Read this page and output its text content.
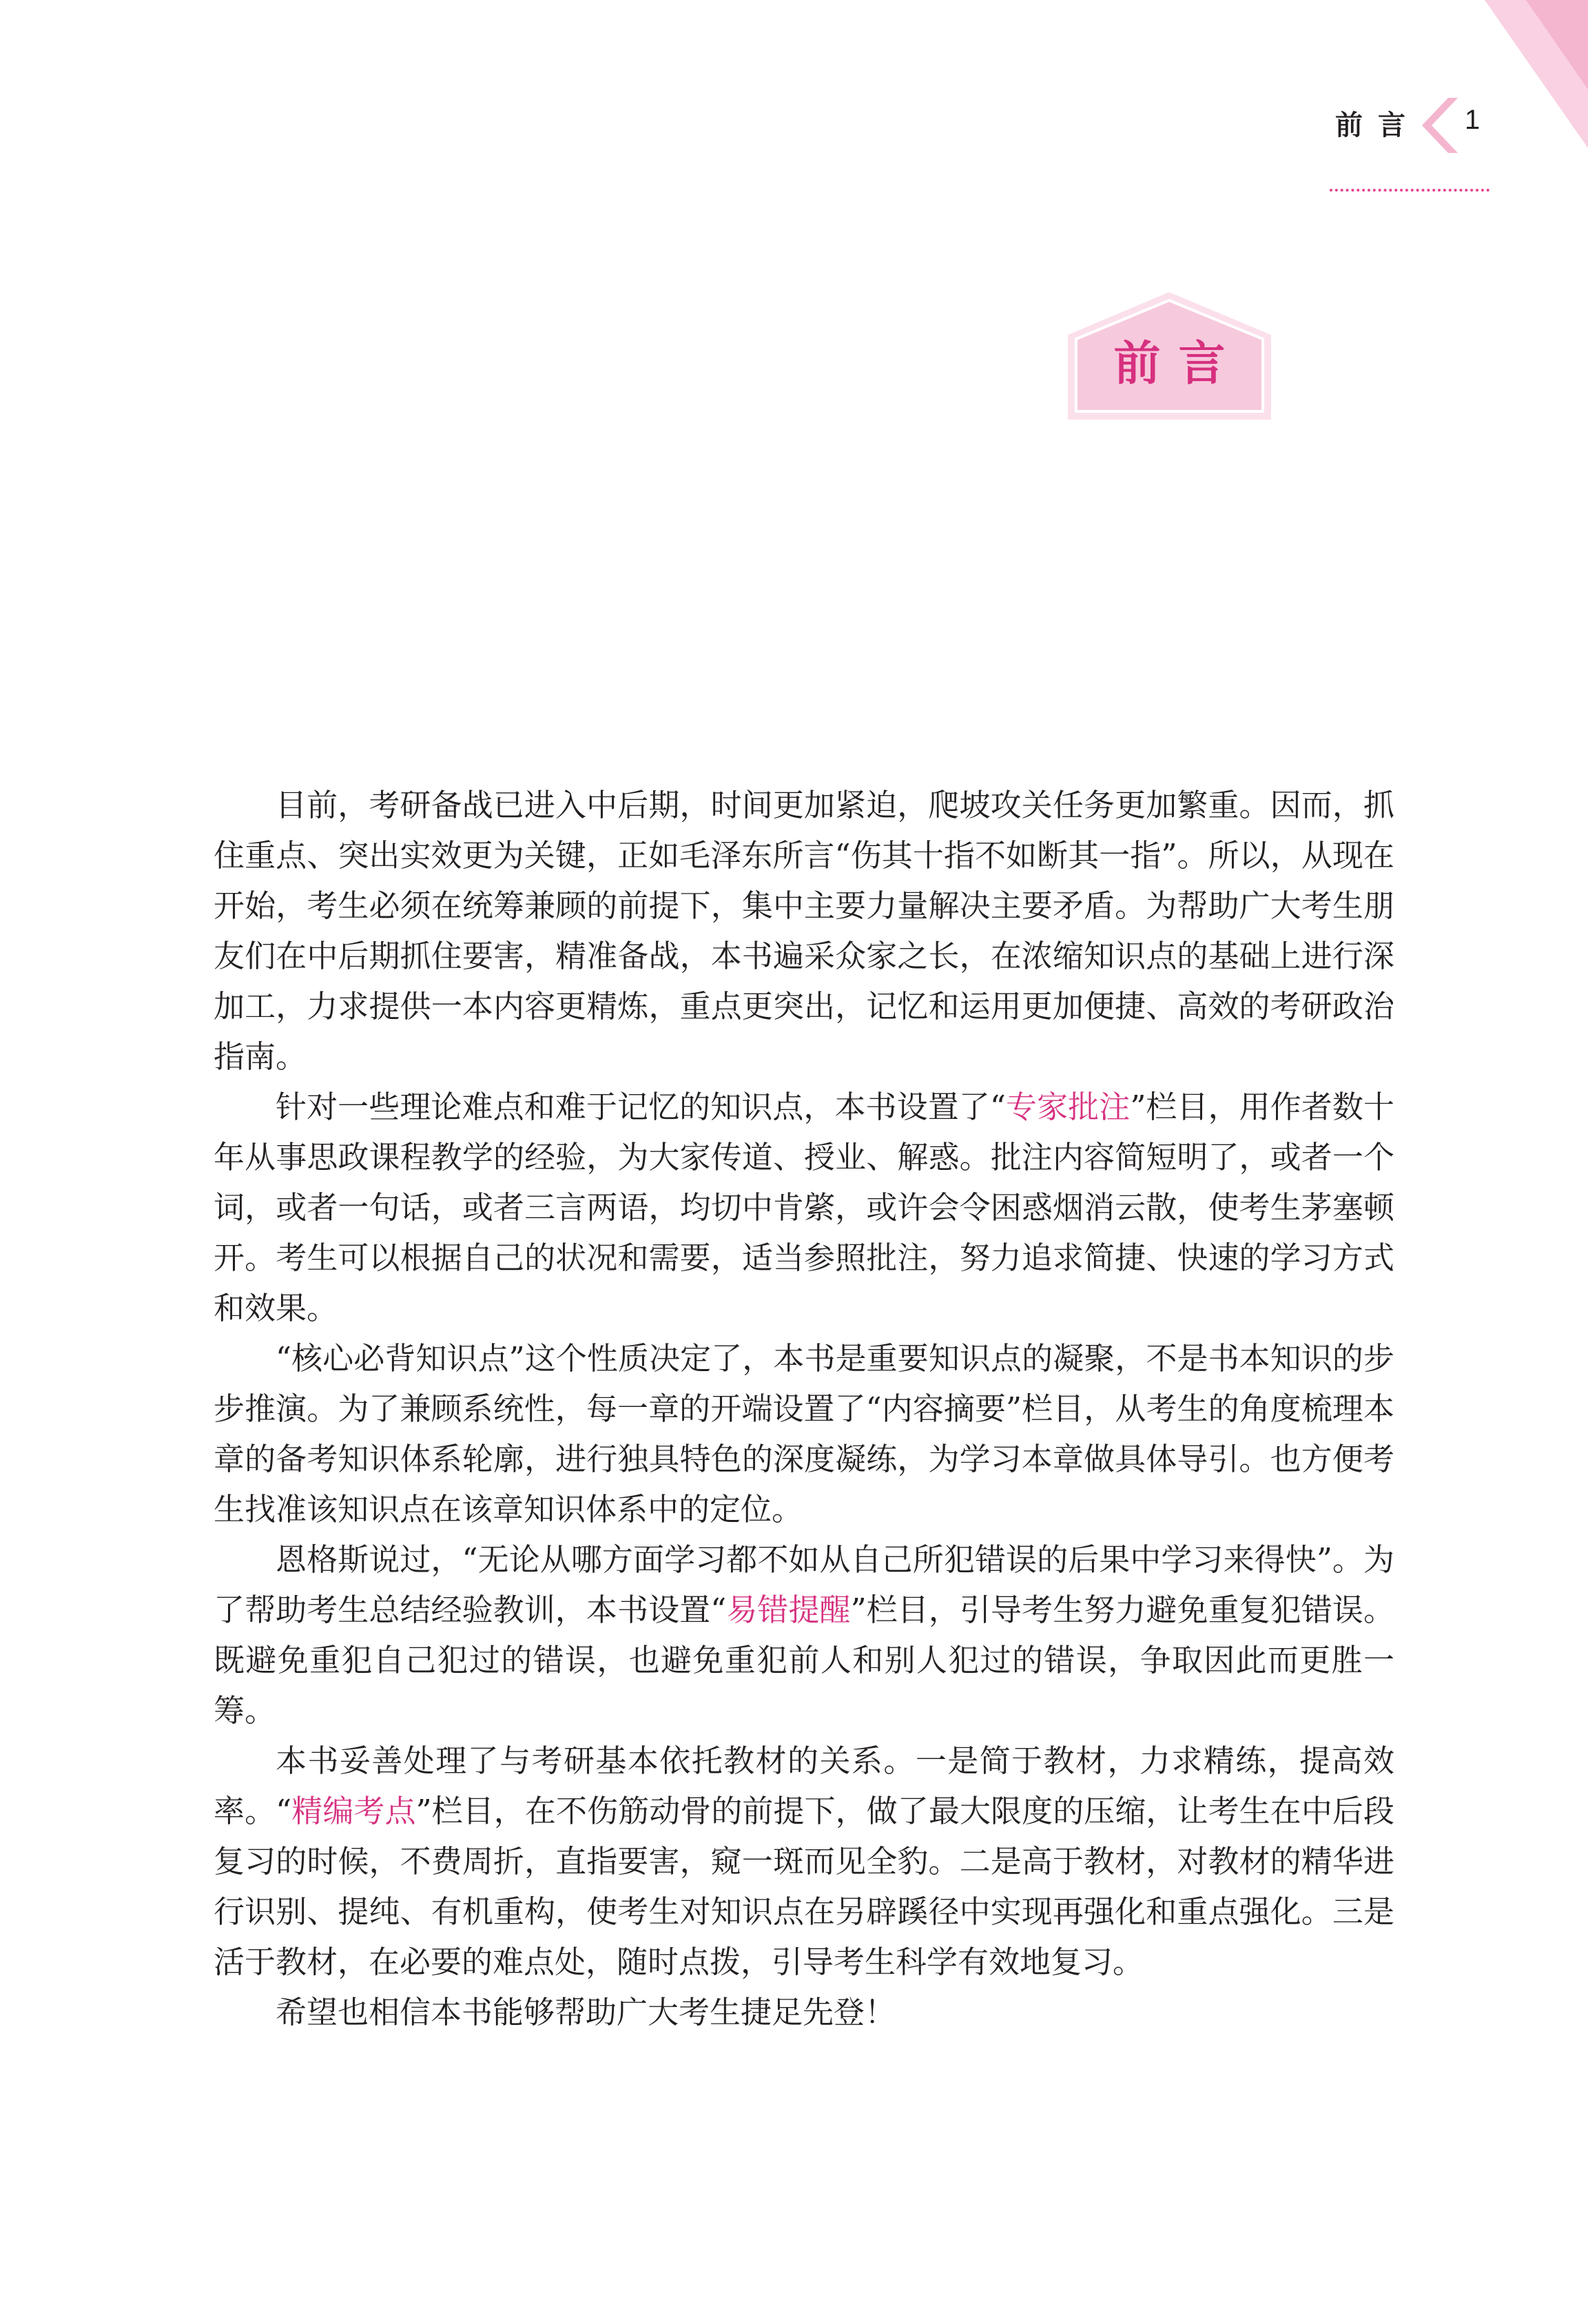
前言 1
前言

目前，考研备战已进入中后期，时间更加紧迫，爬坡攻关任务更加繁重。因而，抓住重点、突出实效更为关键，正如毛泽东所言“伤其十指不如断其一指”。所以，从现在开始，考生必须在统筹兼顾的前提下，集中主要力量解决主要矛盾。为帮助广大考生朋友们在中后期抓住要害，精准备战，本书遍采众家之长，在浓缩知识点的基础上进行深加工，力求提供一本内容更精炼，重点更突出，记忆和运用更加便捷、高效的考研政治指南。

针对一些理论难点和难于记忆的知识点，本书设置了“专家批注”栏目，用作者数十年从事思政课程教学的经验，为大家传道、授业、解惑。批注内容简短明了，或者一个词，或者一句话，或者三言两语，均切中肯綮，或许会令困惑烟消云散，使考生茅塞顿开。考生可以根据自己的状况和需要，适当参照批注，努力追求简捷、快速的学习方式和效果。

“核心必背知识点”这个性质决定了，本书是重要知识点的凝聚，不是书本知识的步步推演。为了兼顾系统性，每一章的开端设置了“内容摘要”栏目，从考生的角度梳理本章的备考知识体系轮廓，进行独具特色的深度凝练，为学习本章做具体导引。也方便考生找准该知识点在该章知识体系中的定位。

恩格斯说过，“无论从哪方面学习都不如从自己所犯错误的后果中学习来得快”。为了帮助考生总结经验教训，本书设置“易错提醒”栏目，引导考生努力避免重复犯错误。既避免重犯自己犯过的错误，也避免重犯前人和别人犯过的错误，争取因此而更胜一筹。

本书妥善处理了与考研基本依托教材的关系。一是简于教材，力求精练，提高效率。“精编考点”栏目，在不伤筋动骨的前提下，做了最大限度的压缩，让考生在中后段复习的时候，不费周折，直指要害，窥一斑而见全豹。二是高于教材，对教材的精华进行识别、提纯、有机重构，使考生对知识点在另辟蹊径中实现再强化和重点强化。三是活于教材，在必要的难点处，随时点拨，引导考生科学有效地复习。

希望也相信本书能够帮助广大考生捷足先登！
